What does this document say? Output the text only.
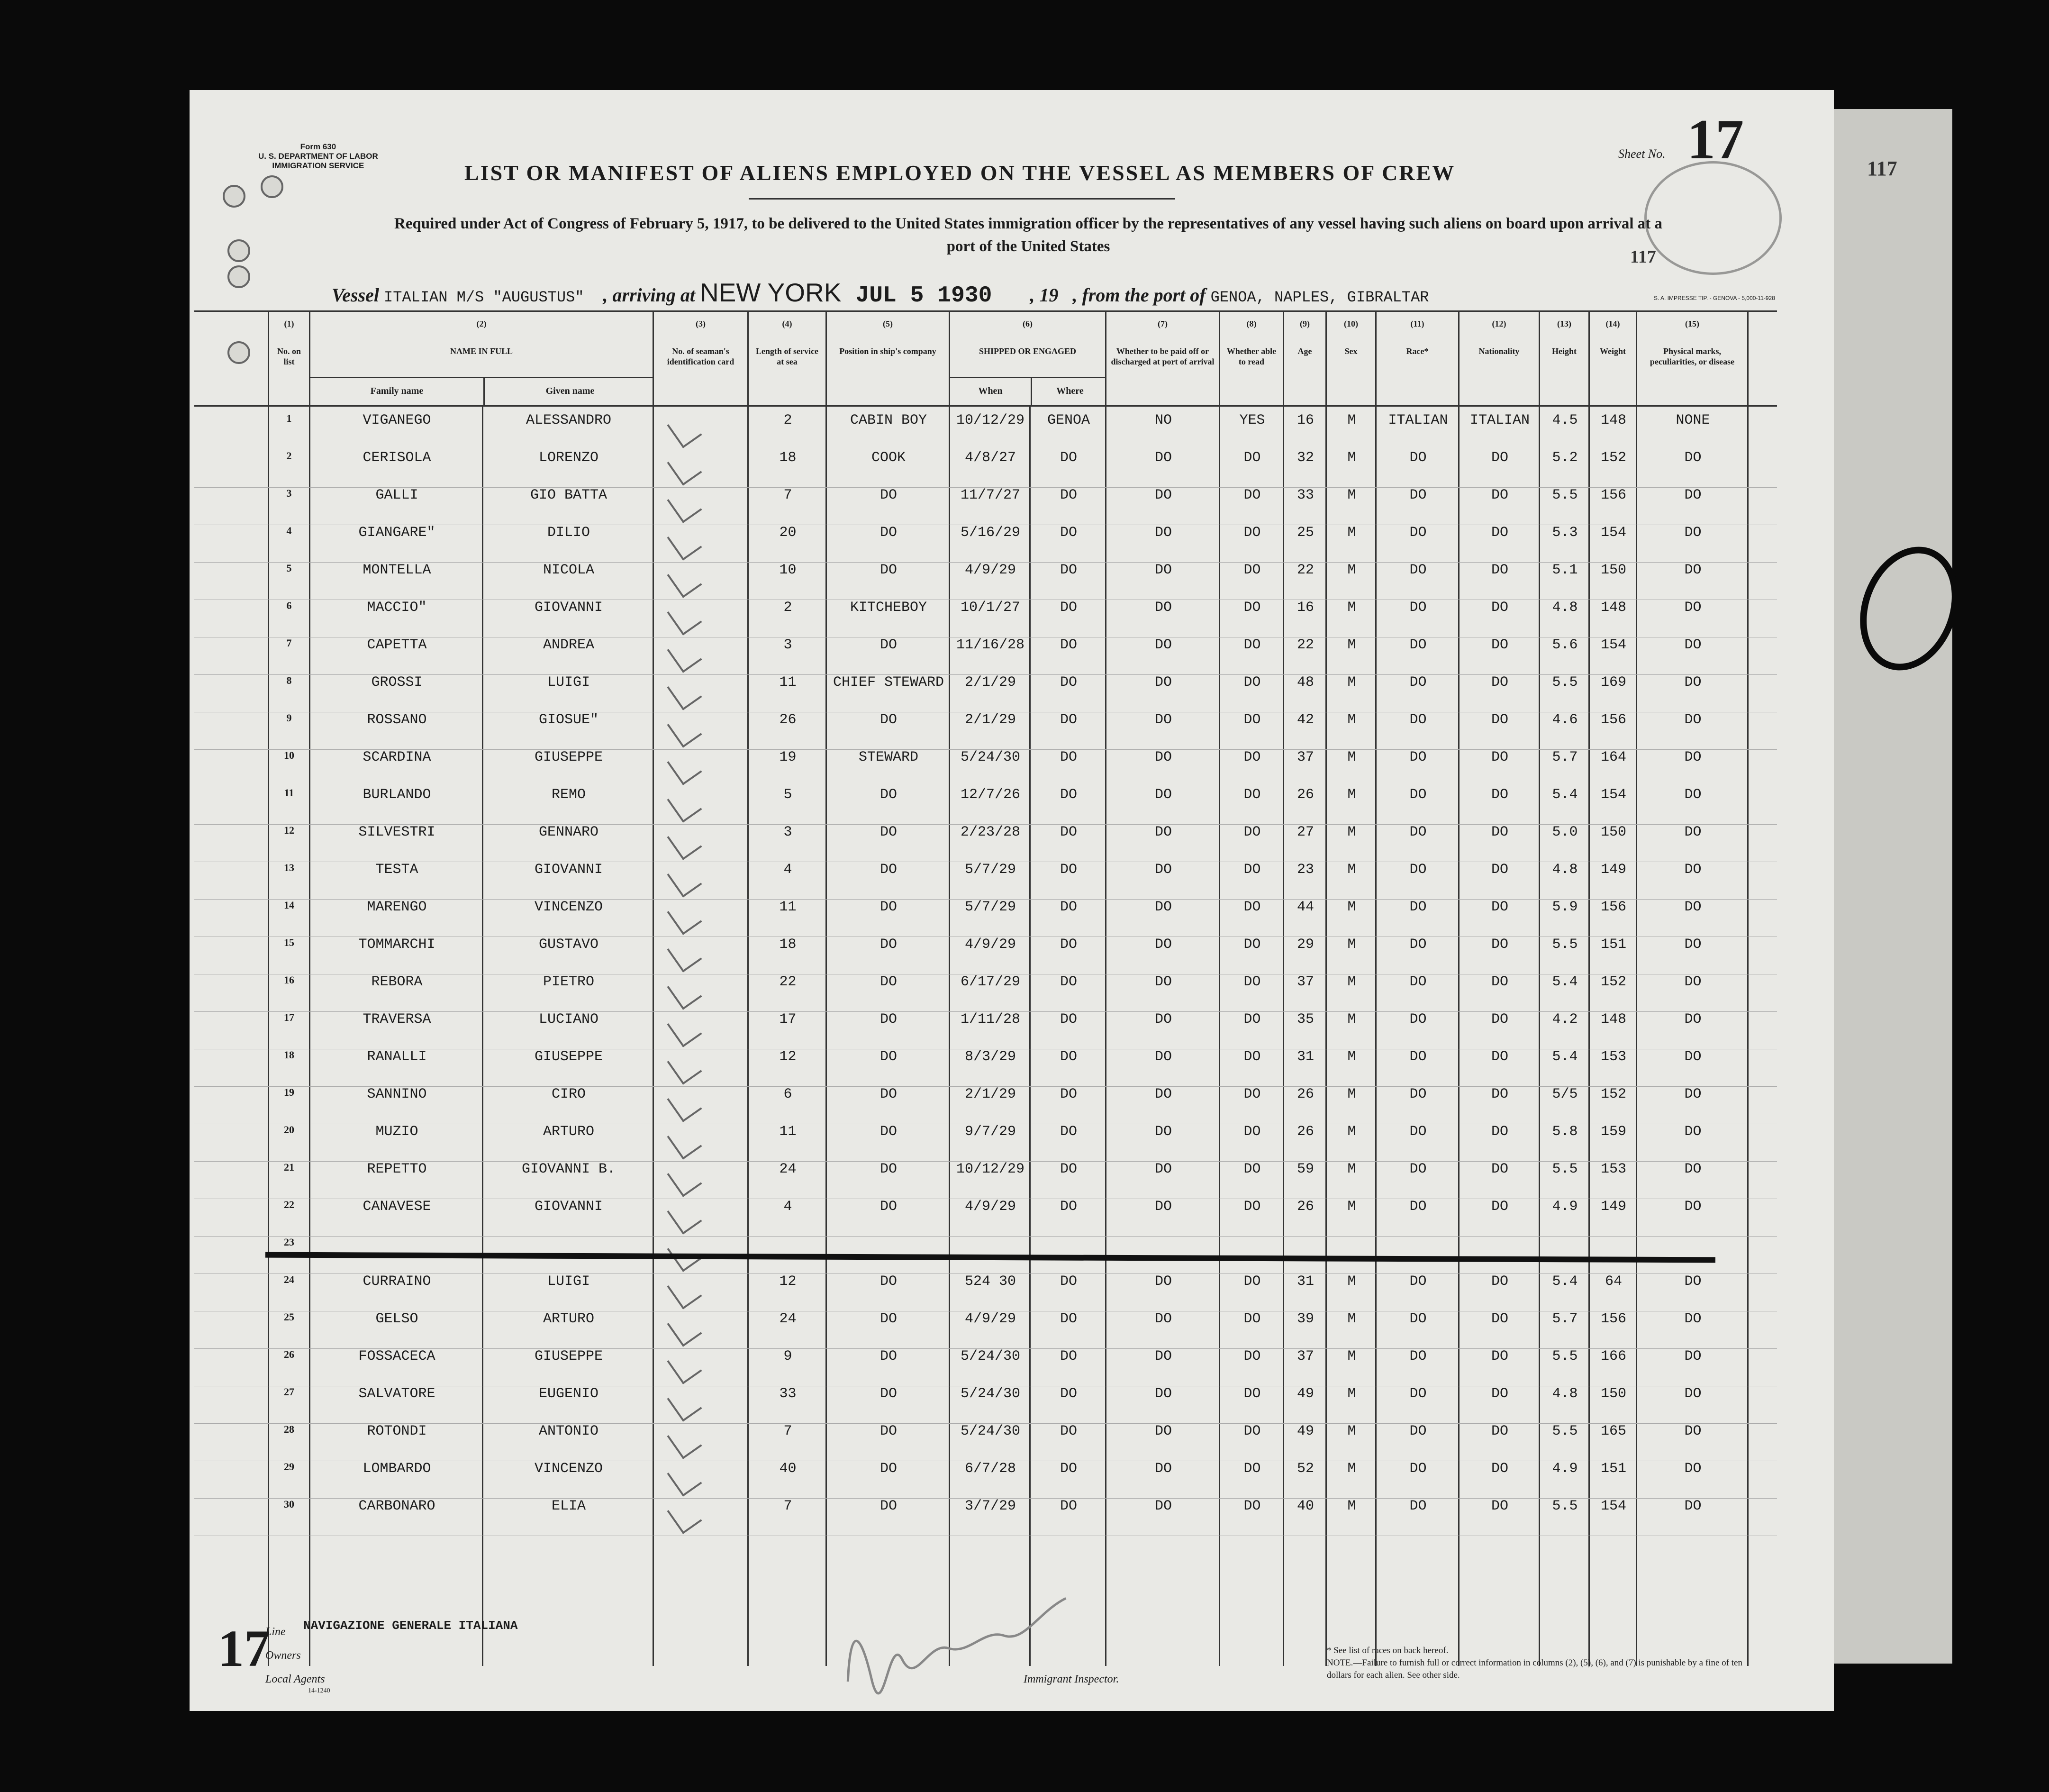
117
Form 630
U. S. DEPARTMENT OF LABOR
IMMIGRATION SERVICE	LIST OR MANIFEST OF ALIENS EMPLOYED ON THE VESSEL AS MEMBERS OF CREW
Required under Act of Congress of February 5, 1917, to be delivered to the United States immigration officer by the representatives of any vessel having such aliens on board upon arrival at a
port of the United States
Sheet No. 17
117
Vessel ITALIAN M/S "AUGUSTUS" , arriving at NEW YORK JUL 5 1930 , 19 , from the port of GENOA, NAPLES, GIBRALTAR	S. A. IMPRESSE TIP. - GENOVA - 5,000-11-928
(1)
No. on list
(2)
NAME IN FULL
Family name	Given name
(3)
No. of seaman's identification card
(4)
Length of service at sea
(5)
Position in ship's company
(6)
SHIPPED OR ENGAGED
When	Where
(7)
Whether to be paid off or discharged at port of arrival
(8)
Whether able to read
(9)
Age
(10)
Sex
(11)
Race*
(12)
Nationality
(13)
Height
(14)
Weight
(15)
Physical marks, peculiarities, or disease
1	VIGANEGO	ALESSANDRO	2	CABIN BOY	10/12/29	GENOA	NO	YES	16	M	ITALIAN	ITALIAN	4.5	148	NONE
2	CERISOLA	LORENZO	18	COOK	4/8/27	DO	DO	DO	32	M	DO	DO	5.2	152	DO
3	GALLI	GIO BATTA	7	DO	11/7/27	DO	DO	DO	33	M	DO	DO	5.5	156	DO
4	GIANGARE"	DILIO	20	DO	5/16/29	DO	DO	DO	25	M	DO	DO	5.3	154	DO
5	MONTELLA	NICOLA	10	DO	4/9/29	DO	DO	DO	22	M	DO	DO	5.1	150	DO
6	MACCIO"	GIOVANNI	2	KITCHEBOY	10/1/27	DO	DO	DO	16	M	DO	DO	4.8	148	DO
7	CAPETTA	ANDREA	3	DO	11/16/28	DO	DO	DO	22	M	DO	DO	5.6	154	DO
8	GROSSI	LUIGI	11	CHIEF STEWARD	2/1/29	DO	DO	DO	48	M	DO	DO	5.5	169	DO
9	ROSSANO	GIOSUE"	26	DO	2/1/29	DO	DO	DO	42	M	DO	DO	4.6	156	DO
10	SCARDINA	GIUSEPPE	19	STEWARD	5/24/30	DO	DO	DO	37	M	DO	DO	5.7	164	DO
11	BURLANDO	REMO	5	DO	12/7/26	DO	DO	DO	26	M	DO	DO	5.4	154	DO
12	SILVESTRI	GENNARO	3	DO	2/23/28	DO	DO	DO	27	M	DO	DO	5.0	150	DO
13	TESTA	GIOVANNI	4	DO	5/7/29	DO	DO	DO	23	M	DO	DO	4.8	149	DO
14	MARENGO	VINCENZO	11	DO	5/7/29	DO	DO	DO	44	M	DO	DO	5.9	156	DO
15	TOMMARCHI	GUSTAVO	18	DO	4/9/29	DO	DO	DO	29	M	DO	DO	5.5	151	DO
16	REBORA	PIETRO	22	DO	6/17/29	DO	DO	DO	37	M	DO	DO	5.4	152	DO
17	TRAVERSA	LUCIANO	17	DO	1/11/28	DO	DO	DO	35	M	DO	DO	4.2	148	DO
18	RANALLI	GIUSEPPE	12	DO	8/3/29	DO	DO	DO	31	M	DO	DO	5.4	153	DO
19	SANNINO	CIRO	6	DO	2/1/29	DO	DO	DO	26	M	DO	DO	5/5	152	DO
20	MUZIO	ARTURO	11	DO	9/7/29	DO	DO	DO	26	M	DO	DO	5.8	159	DO
21	REPETTO	GIOVANNI B.	24	DO	10/12/29	DO	DO	DO	59	M	DO	DO	5.5	153	DO
22	CANAVESE	GIOVANNI	4	DO	4/9/29	DO	DO	DO	26	M	DO	DO	4.9	149	DO
23
24	CURRAINO	LUIGI	12	DO	524 30	DO	DO	DO	31	M	DO	DO	5.4	64	DO
25	GELSO	ARTURO	24	DO	4/9/29	DO	DO	DO	39	M	DO	DO	5.7	156	DO
26	FOSSACECA	GIUSEPPE	9	DO	5/24/30	DO	DO	DO	37	M	DO	DO	5.5	166	DO
27	SALVATORE	EUGENIO	33	DO	5/24/30	DO	DO	DO	49	M	DO	DO	4.8	150	DO
28	ROTONDI	ANTONIO	7	DO	5/24/30	DO	DO	DO	49	M	DO	DO	5.5	165	DO
29	LOMBARDO	VINCENZO	40	DO	6/7/28	DO	DO	DO	52	M	DO	DO	4.9	151	DO
30	CARBONARO	ELIA	7	DO	3/7/29	DO	DO	DO	40	M	DO	DO	5.5	154	DO
17
Line NAVIGAZIONE GENERALE ITALIANA
Owners
Local Agents
14-1240
Immigrant Inspector.
* See list of races on back hereof.
NOTE.—Failure to furnish full or correct information in columns (2), (5), (6), and (7) is punishable by a fine of ten dollars for each alien. See other side.
